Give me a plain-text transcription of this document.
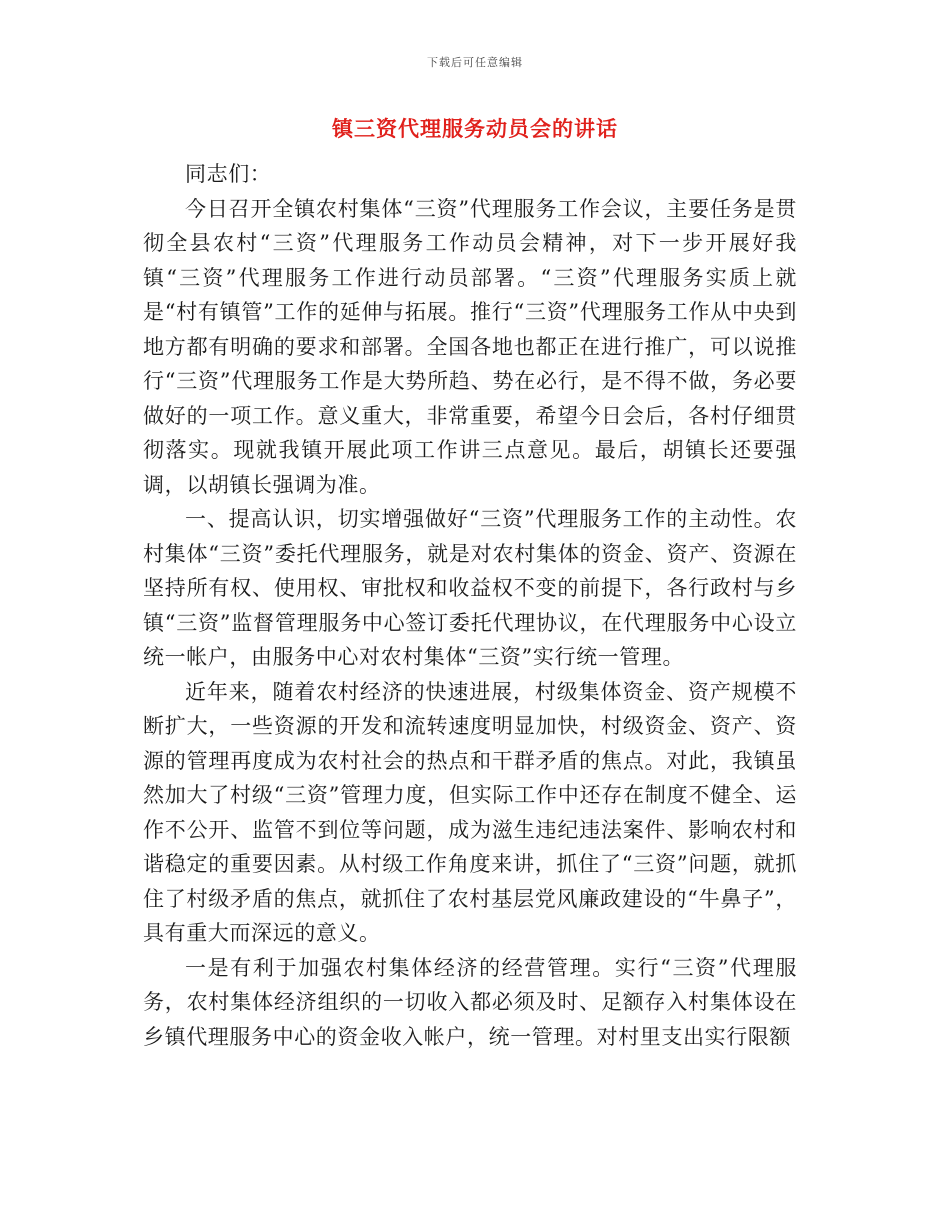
下载后可任意编辑
镇三资代理服务动员会的讲话

同志们：

今日召开全镇农村集体“三资”代理服务工作会议，主要任务是贯彻全县农村“三资”代理服务工作动员会精神，对下一步开展好我镇“三资”代理服务工作进行动员部署。“三资”代理服务实质上就是“村有镇管”工作的延伸与拓展。推行“三资”代理服务工作从中央到地方都有明确的要求和部署。全国各地也都正在进行推广，可以说推行“三资”代理服务工作是大势所趋、势在必行，是不得不做，务必要做好的一项工作。意义重大，非常重要，希望今日会后，各村仔细贯彻落实。现就我镇开展此项工作讲三点意见。最后，胡镇长还要强调，以胡镇长强调为准。

一、提高认识，切实增强做好“三资”代理服务工作的主动性。农村集体“三资”委托代理服务，就是对农村集体的资金、资产、资源在坚持所有权、使用权、审批权和收益权不变的前提下，各行政村与乡镇“三资”监督管理服务中心签订委托代理协议，在代理服务中心设立统一帐户，由服务中心对农村集体“三资”实行统一管理。

近年来，随着农村经济的快速进展，村级集体资金、资产规模不断扩大，一些资源的开发和流转速度明显加快，村级资金、资产、资源的管理再度成为农村社会的热点和干群矛盾的焦点。对此，我镇虽然加大了村级“三资”管理力度，但实际工作中还存在制度不健全、运作不公开、监管不到位等问题，成为滋生违纪违法案件、影响农村和谐稳定的重要因素。从村级工作角度来讲，抓住了“三资”问题，就抓住了村级矛盾的焦点，就抓住了农村基层党风廉政建设的“牛鼻子”，具有重大而深远的意义。

一是有利于加强农村集体经济的经营管理。实行“三资”代理服务，农村集体经济组织的一切收入都必须及时、足额存入村集体设在乡镇代理服务中心的资金收入帐户，统一管理。对村里支出实行限额
